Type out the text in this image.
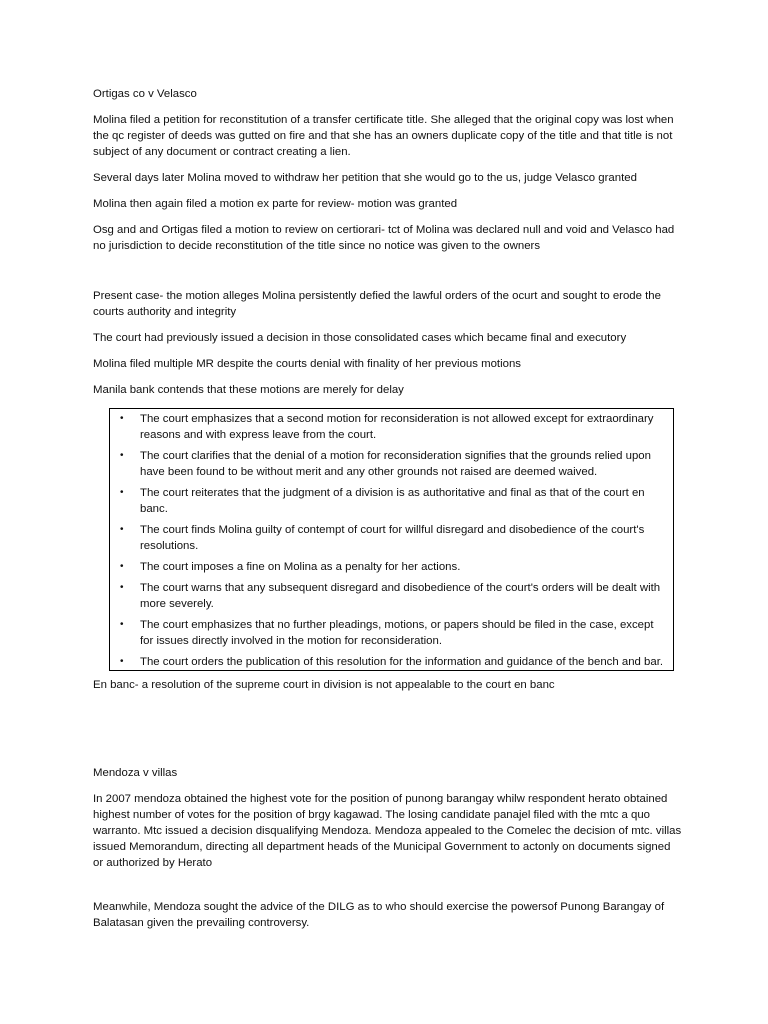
Ortigas co v Velasco

Molina filed a petition for reconstitution of a transfer certificate title. She alleged that the original copy was lost when the qc register of deeds was gutted on fire and that she has an owners duplicate copy of the title and that title is not subject of any document or contract creating a lien.

Several days later Molina moved to withdraw her petition that she would go to the us, judge Velasco granted

Molina then again filed a motion ex parte for review- motion was granted

Osg and and Ortigas filed a motion to review on certiorari- tct of Molina was declared null and void and Velasco had no jurisdiction to decide reconstitution of the title since no notice was given to the owners

Present case- the motion alleges Molina persistently defied the lawful orders of the ocurt and sought to erode the courts authority and integrity

The court had previously issued a decision in those consolidated cases which became final and executory

Molina filed multiple MR despite the courts denial with finality of her previous motions

Manila bank contends that these motions are merely for delay

• The court emphasizes that a second motion for reconsideration is not allowed except for extraordinary reasons and with express leave from the court.
• The court clarifies that the denial of a motion for reconsideration signifies that the grounds relied upon have been found to be without merit and any other grounds not raised are deemed waived.
• The court reiterates that the judgment of a division is as authoritative and final as that of the court en banc.
• The court finds Molina guilty of contempt of court for willful disregard and disobedience of the court's resolutions.
• The court imposes a fine on Molina as a penalty for her actions.
• The court warns that any subsequent disregard and disobedience of the court's orders will be dealt with more severely.
• The court emphasizes that no further pleadings, motions, or papers should be filed in the case, except for issues directly involved in the motion for reconsideration.
• The court orders the publication of this resolution for the information and guidance of the bench and bar.

En banc- a resolution of the supreme court in division is not appealable to the court en banc

Mendoza v villas

In 2007 mendoza obtained the highest vote for the position of punong barangay whilw respondent herato obtained highest number of votes for the position of brgy kagawad. The losing candidate panajel filed with the mtc a quo warranto. Mtc issued a decision disqualifying Mendoza. Mendoza appealed to the Comelec the decision of mtc. villas issued Memorandum, directing all department heads of the Municipal Government to actonly on documents signed or authorized by Herato

Meanwhile, Mendoza sought the advice of the DILG as to who should exercise the powersof Punong Barangay of Balatasan given the prevailing controversy.
